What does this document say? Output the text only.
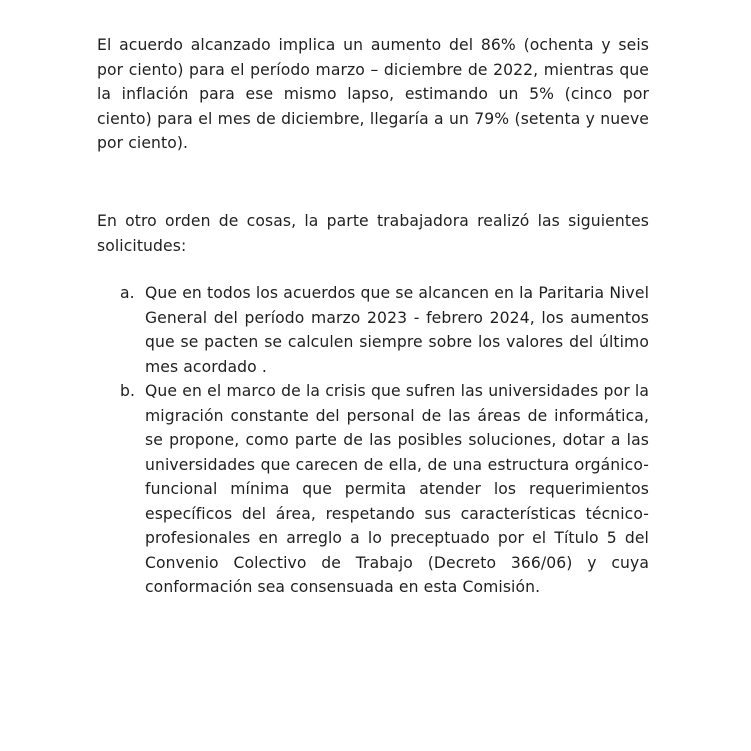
El acuerdo alcanzado implica un aumento del 86% (ochenta y seis por ciento) para el período marzo – diciembre de 2022, mientras que la inflación para ese mismo lapso, estimando un 5% (cinco por ciento) para el mes de diciembre, llegaría a un 79% (setenta y nueve por ciento).

En otro orden de cosas, la parte trabajadora realizó las siguientes solicitudes:

a. Que en todos los acuerdos que se alcancen en la Paritaria Nivel General del período marzo 2023 - febrero 2024, los aumentos que se pacten se calculen siempre sobre los valores del último mes acordado .
b. Que en el marco de la crisis que sufren las universidades por la migración constante del personal de las áreas de informática, se propone, como parte de las posibles soluciones, dotar a las universidades que carecen de ella, de una estructura orgánico-funcional mínima que permita atender los requerimientos específicos del área, respetando sus características técnico-profesionales en arreglo a lo preceptuado por el Título 5 del Convenio Colectivo de Trabajo (Decreto 366/06) y cuya conformación sea consensuada en esta Comisión.
